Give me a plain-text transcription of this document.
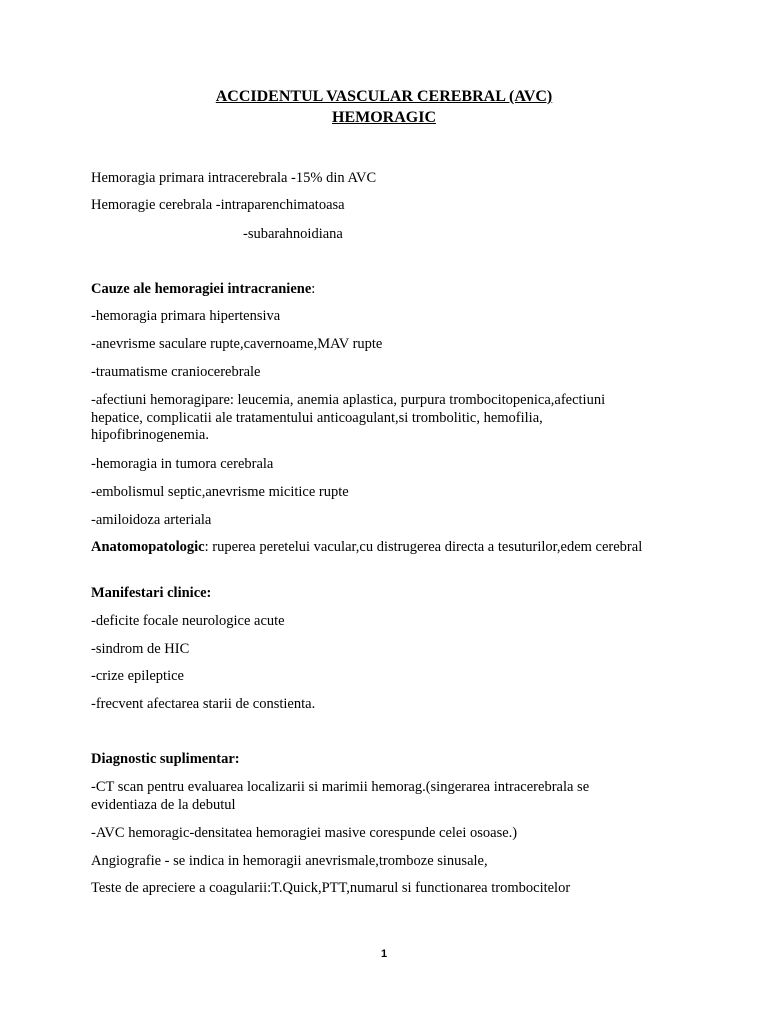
ACCIDENTUL VASCULAR CEREBRAL (AVC)
HEMORAGIC
Hemoragia primara intracerebrala -15% din AVC
Hemoragie cerebrala -intraparenchimatoasa
-subarahnoidiana
Cauze ale hemoragiei intracraniene:
-hemoragia primara hipertensiva
-anevrisme saculare rupte,cavernoame,MAV rupte
-traumatisme craniocerebrale
-afectiuni hemoragipare: leucemia, anemia aplastica, purpura trombocitopenica,afectiuni hepatice, complicatii ale tratamentului anticoagulant,si trombolitic, hemofilia, hipofibrinogenemia.
-hemoragia in tumora cerebrala
-embolismul septic,anevrisme micitice rupte
-amiloidoza arteriala
Anatomopatologic: ruperea peretelui vacular,cu distrugerea directa a tesuturilor,edem cerebral
Manifestari clinice:
-deficite focale neurologice acute
-sindrom de HIC
-crize epileptice
-frecvent afectarea starii de constienta.
Diagnostic suplimentar:
-CT scan pentru evaluarea localizarii si marimii hemorag.(singerarea intracerebrala se evidentiaza de la debutul
-AVC hemoragic-densitatea hemoragiei masive corespunde celei osoase.)
Angiografie - se indica in hemoragii anevrismale,tromboze sinusale,
Teste de apreciere a coagularii:T.Quick,PTT,numarul si functionarea trombocitelor
1
